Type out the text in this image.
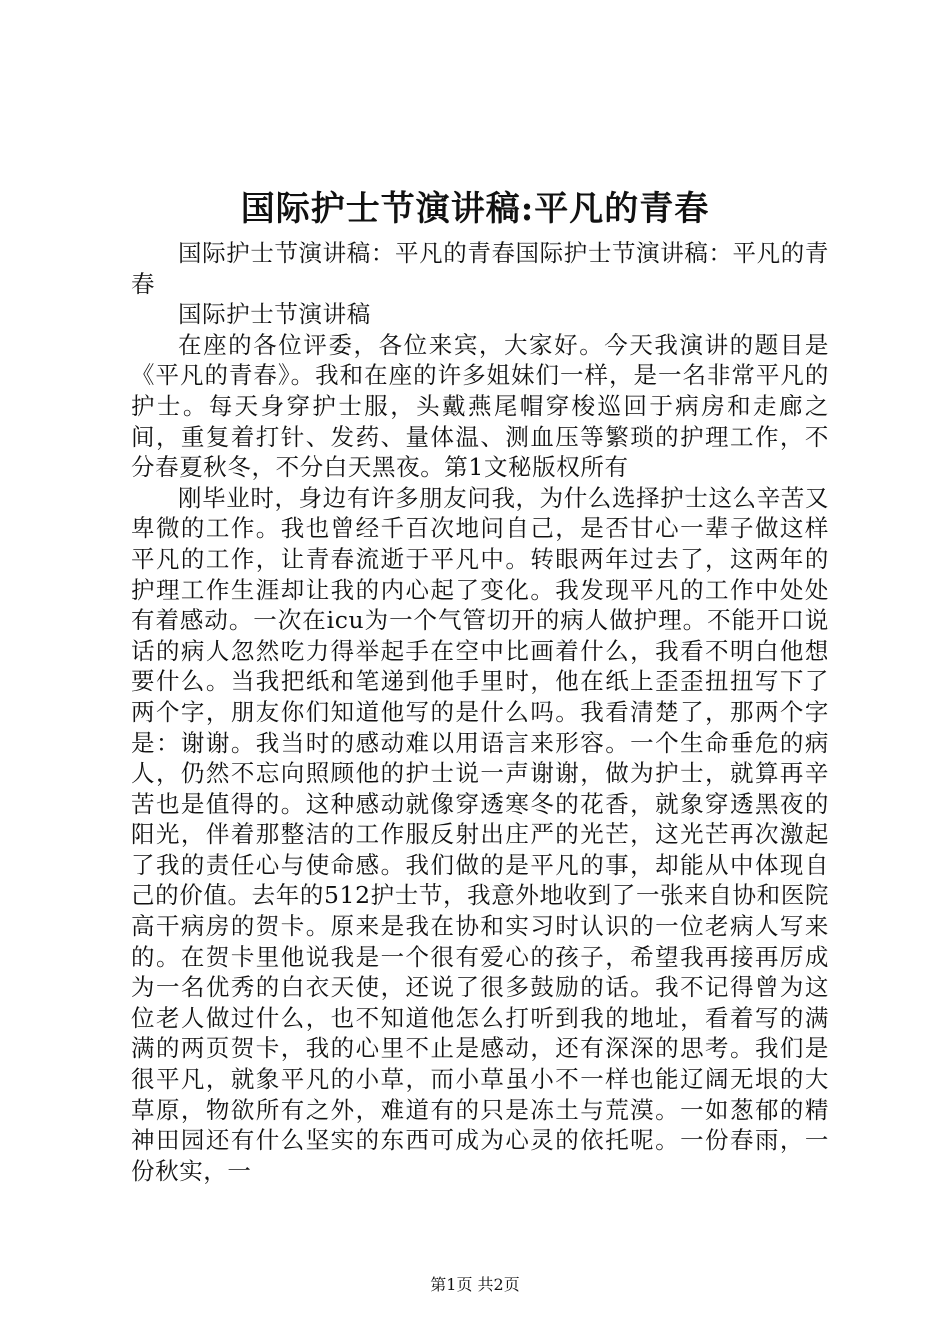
国际护士节演讲稿:平凡的青春

国际护士节演讲稿：平凡的青春国际护士节演讲稿：平凡的青春

国际护士节演讲稿

在座的各位评委，各位来宾，大家好。今天我演讲的题目是《平凡的青春》。我和在座的许多姐妹们一样，是一名非常平凡的护士。每天身穿护士服，头戴燕尾帽穿梭巡回于病房和走廊之间，重复着打针、发药、量体温、测血压等繁琐的护理工作，不分春夏秋冬，不分白天黑夜。第1文秘版权所有

刚毕业时，身边有许多朋友问我，为什么选择护士这么辛苦又卑微的工作。我也曾经千百次地问自己，是否甘心一辈子做这样平凡的工作，让青春流逝于平凡中。转眼两年过去了，这两年的护理工作生涯却让我的内心起了变化。我发现平凡的工作中处处有着感动。一次在icu为一个气管切开的病人做护理。不能开口说话的病人忽然吃力得举起手在空中比画着什么，我看不明白他想要什么。当我把纸和笔递到他手里时，他在纸上歪歪扭扭写下了两个字，朋友你们知道他写的是什么吗。我看清楚了，那两个字是：谢谢。我当时的感动难以用语言来形容。一个生命垂危的病人，仍然不忘向照顾他的护士说一声谢谢，做为护士，就算再辛苦也是值得的。这种感动就像穿透寒冬的花香，就象穿透黑夜的阳光，伴着那整洁的工作服反射出庄严的光芒，这光芒再次激起了我的责任心与使命感。我们做的是平凡的事，却能从中体现自己的价值。去年的512护士节，我意外地收到了一张来自协和医院高干病房的贺卡。原来是我在协和实习时认识的一位老病人写来的。在贺卡里他说我是一个很有爱心的孩子，希望我再接再厉成为一名优秀的白衣天使，还说了很多鼓励的话。我不记得曾为这位老人做过什么，也不知道他怎么打听到我的地址，看着写的满满的两页贺卡，我的心里不止是感动，还有深深的思考。我们是很平凡，就象平凡的小草，而小草虽小不一样也能辽阔无垠的大草原，物欲所有之外，难道有的只是冻土与荒漠。一如葱郁的精神田园还有什么坚实的东西可成为心灵的依托呢。一份春雨，一份秋实，一

第1页 共2页
